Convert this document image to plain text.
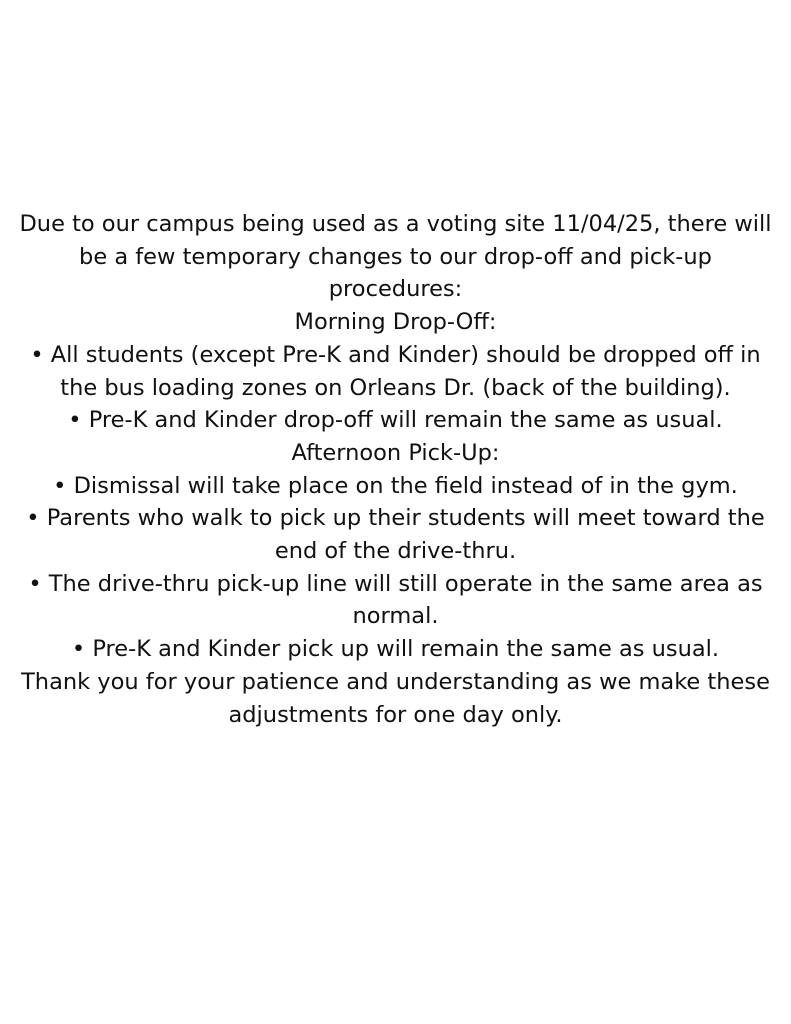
Due to our campus being used as a voting site 11/04/25, there will be a few temporary changes to our drop-off and pick-up procedures:

Morning Drop-Off:

• All students (except Pre-K and Kinder) should be dropped off in the bus loading zones on Orleans Dr. (back of the building).

• Pre-K and Kinder drop-off will remain the same as usual.

Afternoon Pick-Up:

• Dismissal will take place on the field instead of in the gym.

• Parents who walk to pick up their students will meet toward the end of the drive-thru.

• The drive-thru pick-up line will still operate in the same area as normal.

• Pre-K and Kinder pick up will remain the same as usual.

Thank you for your patience and understanding as we make these adjustments for one day only.
